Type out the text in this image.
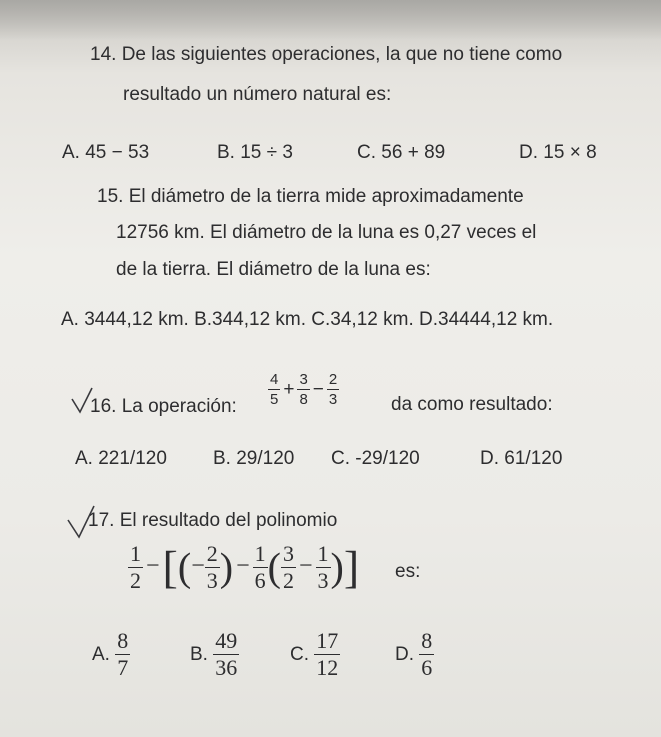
14. De las siguientes operaciones, la que no tiene como
resultado un número natural es:
A. 45 − 53	B. 15 ÷ 3	C. 56 + 89	D. 15 × 8
15. El diámetro de la tierra mide aproximadamente
12756 km. El diámetro de la luna es 0,27 veces el
de la tierra. El diámetro de la luna es:
A. 3444,12 km. B.344,12 km. C.34,12 km. D.34444,12 km.
16. La operación: $\frac{4}{5} + \frac{3}{8} - \frac{2}{3}$	da como resultado:
A. 221/120 B. 29/120 C. -29/120	D. 61/120
17. El resultado del polinomio
$\frac{1}{2}$ −[(− $\frac{2}{3}$ ) − $\frac{1}{6}$ ( $\frac{3}{2} - \frac{1}{3}$ )] es:
A. $\frac{8}{7}$	B. $\frac{49}{36}$	C. $\frac{17}{12}$	D. $\frac{8}{6}$
